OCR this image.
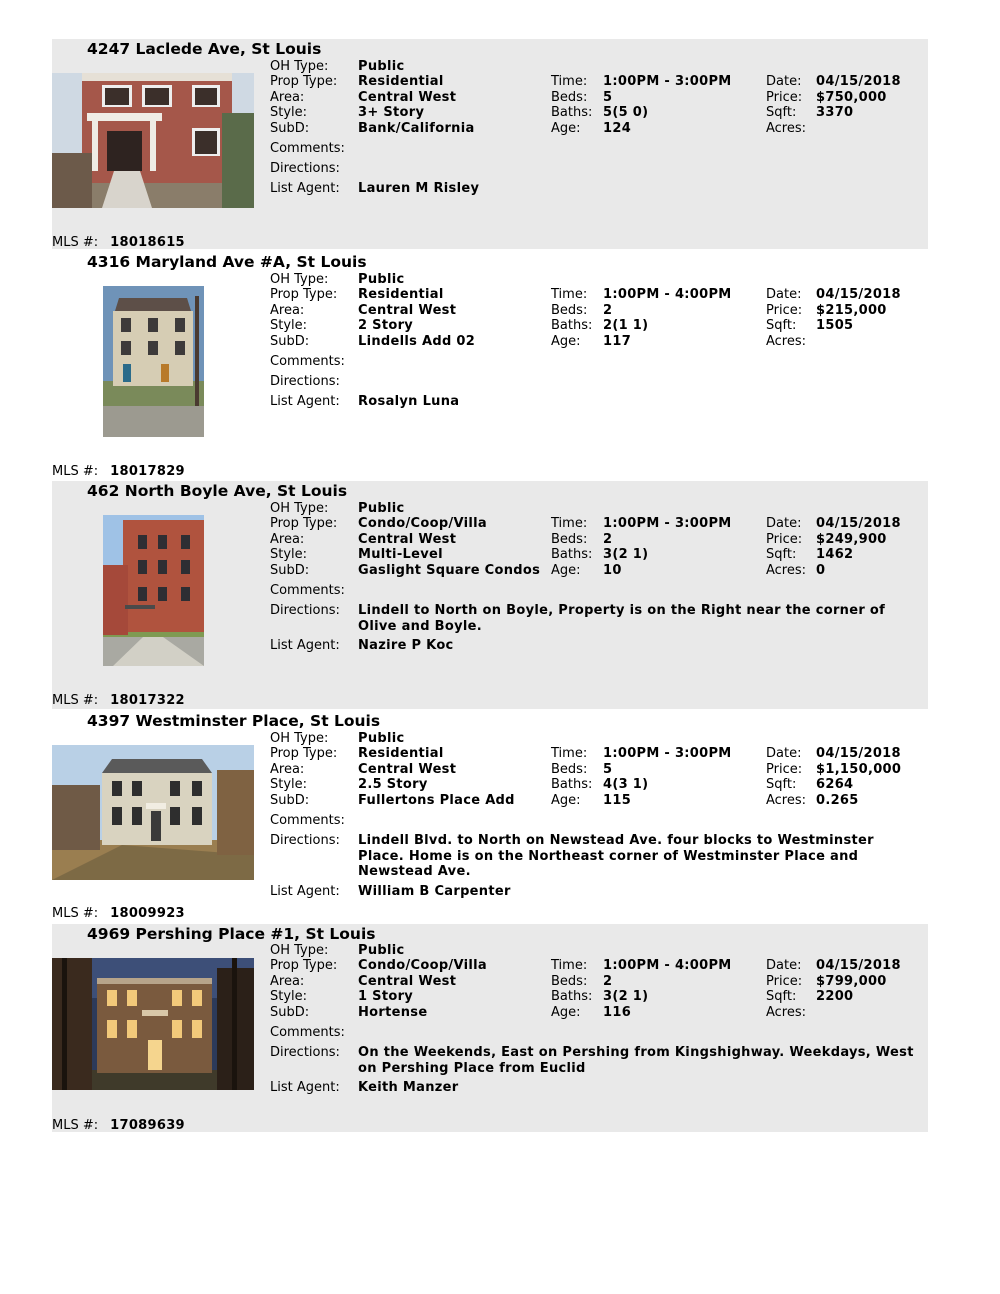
4247 Laclede Ave, St Louis
OH Type: Public
Prop Type: Residential
Area:	Central West
Style:	3+ Story
SubD:	Bank/California
Comments:
Directions:
List Agent: Lauren M Risley
Time: 1:00PM - 3:00PM
Beds: 5
Baths: 5(5 0)
Age: 124
Date: 04/15/2018
Price: $750,000
Sqft: 3370
Acres:
MLS #: 18018615
4316 Maryland Ave #A, St Louis
OH Type: Public
Prop Type: Residential
Area:	Central West
Style:	2 Story
SubD:	Lindells Add 02
Comments:
Directions:
List Agent: Rosalyn Luna
Time: 1:00PM - 4:00PM
Beds: 2
Baths: 2(1 1)
Age: 117
Date: 04/15/2018
Price: $215,000
Sqft: 1505
Acres:
MLS #: 18017829
462 North Boyle Ave, St Louis
OH Type: Public
Prop Type: Condo/Coop/Villa
Area:	Central West
Style:	Multi-Level
SubD:	Gaslight Square Condos
Comments:
Directions: Lindell to North on Boyle, Property is on the Right near the corner of Olive and Boyle.
List Agent: Nazire P Koc
Time: 1:00PM - 3:00PM
Beds: 2
Baths: 3(2 1)
Age: 10
Date: 04/15/2018
Price: $249,900
Sqft: 1462
Acres: 0
MLS #: 18017322
4397 Westminster Place, St Louis
OH Type: Public
Prop Type: Residential
Area:	Central West
Style:	2.5 Story
SubD:	Fullertons Place Add
Comments:
Directions: Lindell Blvd. to North on Newstead Ave. four blocks to Westminster Place. Home is on the Northeast corner of Westminster Place and Newstead Ave.
List Agent: William B Carpenter
Time: 1:00PM - 3:00PM
Beds: 5
Baths: 4(3 1)
Age: 115
Date: 04/15/2018
Price: $1,150,000
Sqft: 6264
Acres: 0.265
MLS #: 18009923
4969 Pershing Place #1, St Louis
OH Type: Public
Prop Type: Condo/Coop/Villa
Area:	Central West
Style:	1 Story
SubD:	Hortense
Comments:
Directions: On the Weekends, East on Pershing from Kingshighway. Weekdays, West on Pershing Place from Euclid
List Agent: Keith Manzer
Time: 1:00PM - 4:00PM
Beds: 2
Baths: 3(2 1)
Age: 116
Date: 04/15/2018
Price: $799,000
Sqft: 2200
Acres:
MLS #: 17089639
